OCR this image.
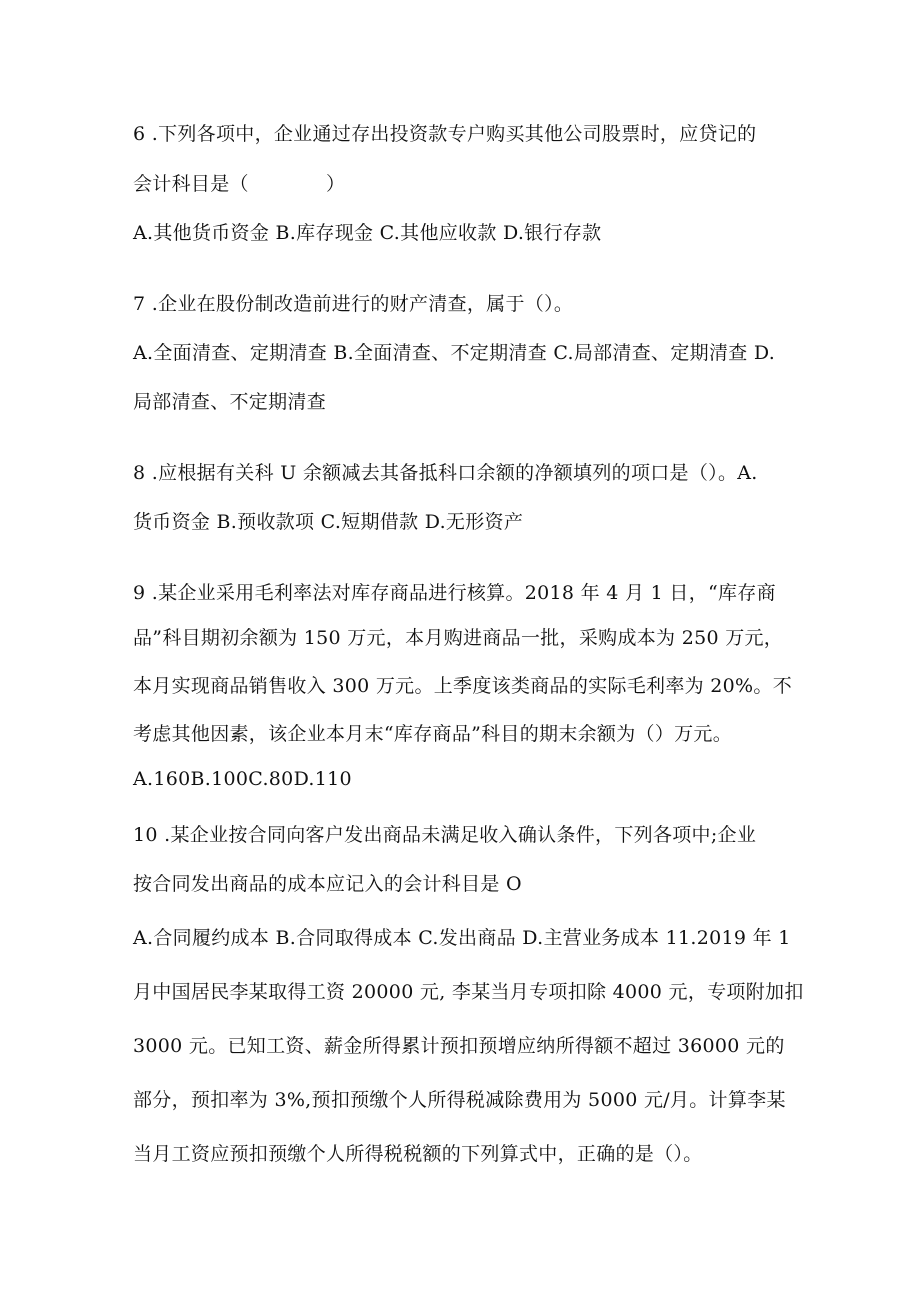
6 .下列各项中，企业通过存出投资款专户购买其他公司股票时，应贷记的
会计科目是（　　　　）
A.其他货币资金 B.库存现金 C.其他应收款 D.银行存款
7 .企业在股份制改造前进行的财产清查，属于（）。
A.全面清查、定期清查 B.全面清查、不定期清查 C.局部清查、定期清查 D.
局部清查、不定期清查
8 .应根据有关科 U 余额减去其备抵科口余额的净额填列的项口是（）。A.
货币资金 B.预收款项 C.短期借款 D.无形资产
9 .某企业采用毛利率法对库存商品进行核算。2018 年 4 月 1 日，“库存商
品”科目期初余额为 150 万元，本月购进商品一批，采购成本为 250 万元，
本月实现商品销售收入 300 万元。上季度该类商品的实际毛利率为 20%。不
考虑其他因素，该企业本月末“库存商品”科目的期末余额为（）万元。
A.160B.100C.80D.110
10 .某企业按合同向客户发出商品未满足收入确认条件，下列各项中;企业
按合同发出商品的成本应记入的会计科目是 O
A.合同履约成本 B.合同取得成本 C.发出商品 D.主营业务成本 11.2019 年 1
月中国居民李某取得工资 20000 元, 李某当月专项扣除 4000 元，专项附加扣
3000 元。已知工资、薪金所得累计预扣预增应纳所得额不超过 36000 元的
部分，预扣率为 3%,预扣预缴个人所得税减除费用为 5000 元/月。计算李某
当月工资应预扣预缴个人所得税税额的下列算式中，正确的是（）。
